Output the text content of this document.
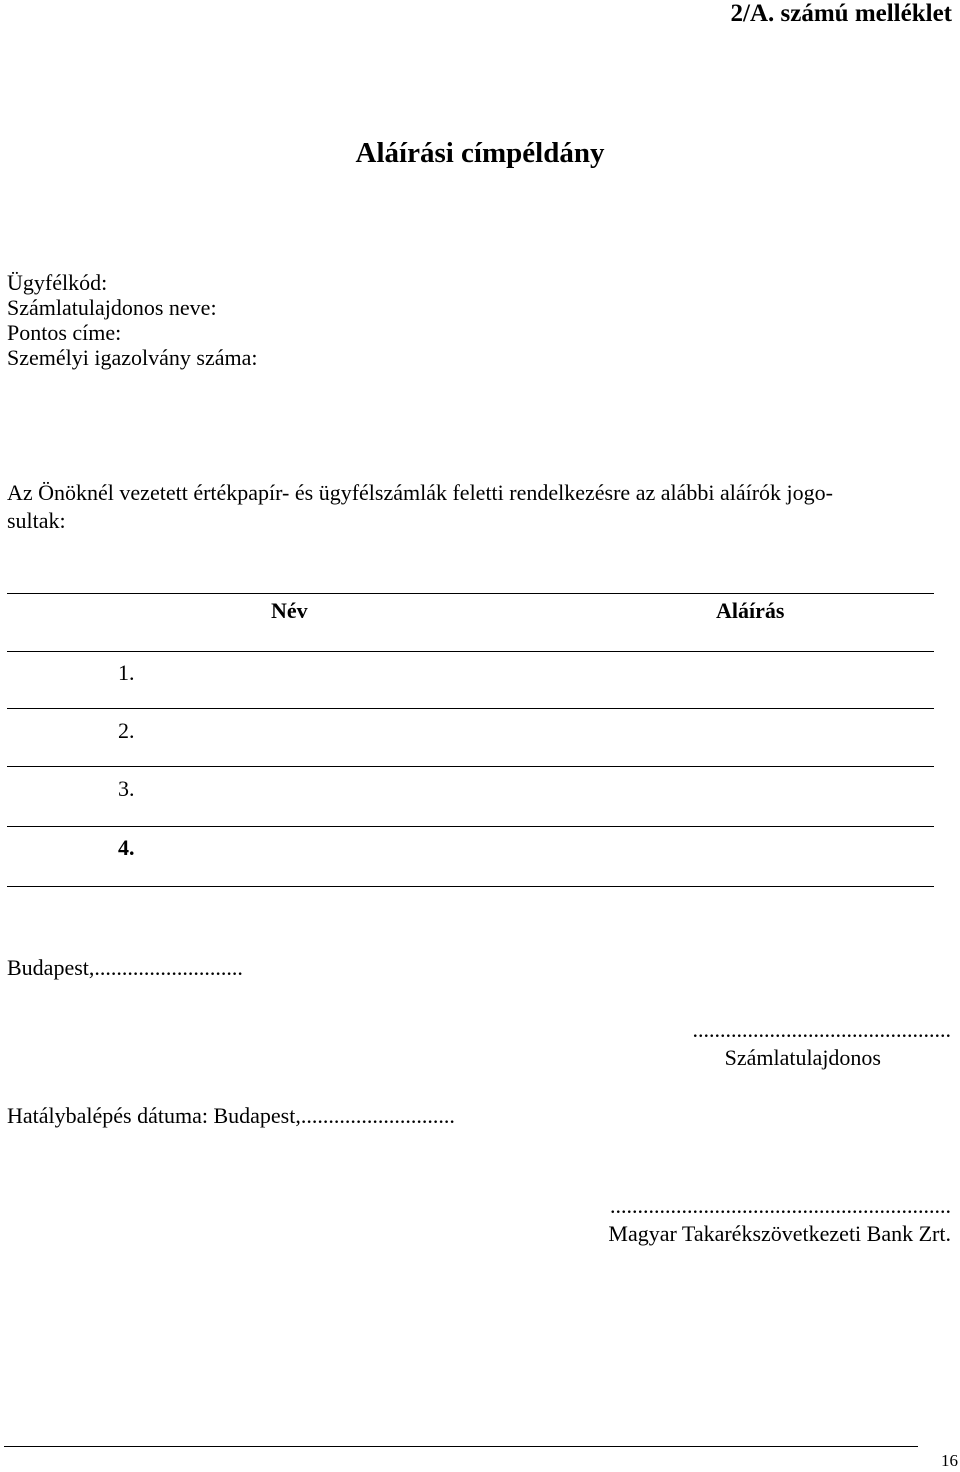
2/A. számú melléklet
Aláírási címpéldány
Ügyfélkód:
Számlatulajdonos neve:
Pontos címe:
Személyi igazolvány száma:
Az Önöknél vezetett értékpapír- és ügyfélszámlák feletti rendelkezésre az alábbi aláírók jogo-
sultak:
Név	Aláírás
1.
2.
3.
4.
Budapest,...........................
...............................................
Számlatulajdonos
Hatálybalépés dátuma: Budapest,............................
..............................................................
Magyar Takarékszövetkezeti Bank Zrt.
16
